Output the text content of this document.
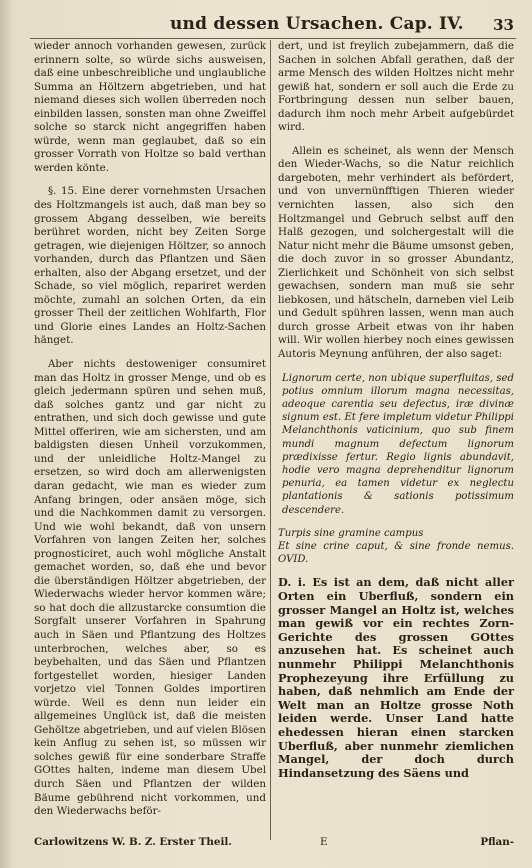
und dessen Ursachen. Cap. IV. 33

wieder annoch vorhanden gewesen, zurück erinnern solte, so würde sichs ausweisen, daß eine unbeschreibliche und unglaubliche Summa an Höltzern abgetrieben, und hat niemand dieses sich wollen überreden noch einbilden lassen, sonsten man ohne Zweiffel solche so starck nicht angegriffen haben würde, wenn man geglaubet, daß so ein grosser Vorrath von Holtze so bald verthan werden könte.

§. 15. Eine derer vornehmsten Ursachen des Holtzmangels ist auch, daß man bey so grossem Abgang desselben, wie bereits berühret worden, nicht bey Zeiten Sorge getragen, wie diejenigen Höltzer, so annoch vorhanden, durch das Pflantzen und Säen erhalten, also der Abgang ersetzet, und der Schade, so viel möglich, repariret werden möchte, zumahl an solchen Orten, da ein grosser Theil der zeitlichen Wohlfarth, Flor und Glorie eines Landes an Holtz-Sachen hänget.

Aber nichts destoweniger consumiret man das Holtz in grosser Menge, und ob es gleich jedermann spüren und sehen muß, daß solches gantz und gar nicht zu entrathen, und sich doch gewisse und gute Mittel offeriren, wie am sichersten, und am baldigsten diesen Unheil vorzukommen, und der unleidliche Holtz-Mangel zu ersetzen, so wird doch am allerwenigsten daran gedacht, wie man es wieder zum Anfang bringen, oder ansäen möge, sich und die Nachkommen damit zu versorgen. Und wie wohl bekandt, daß von unsern Vorfahren von langen Zeiten her, solches prognosticiret, auch wohl mögliche Anstalt gemachet worden, so, daß ehe und bevor die überständigen Höltzer abgetrieben, der Wiederwachs wieder hervor kommen wäre; so hat doch die allzustarcke consumtion die Sorgfalt unserer Vorfahren in Spahrung auch in Säen und Pflantzung des Holtzes unterbrochen, welches aber, so es beybehalten, und das Säen und Pflantzen fortgestellet worden, hiesiger Landen vorjetzo viel Tonnen Goldes importiren würde. Weil es denn nun leider ein allgemeines Unglück ist, daß die meisten Gehöltze abgetrieben, und auf vielen Blösen kein Anflug zu sehen ist, so müssen wir solches gewiß für eine sonderbare Straffe GOttes halten, indeme man diesem Ubel durch Säen und Pflantzen der wilden Bäume gebührend nicht vorkommen, und den Wiederwachs beför-

dert, und ist freylich zubejammern, daß die Sachen in solchen Abfall gerathen, daß der arme Mensch des wilden Holtzes nicht mehr gewiß hat, sondern er soll auch die Erde zu Fortbringung dessen nun selber bauen, dadurch ihm noch mehr Arbeit aufgebürdet wird.

Allein es scheinet, als wenn der Mensch den Wieder-Wachs, so die Natur reichlich dargeboten, mehr verhindert als befördert, und von unvernünfftigen Thieren wieder vernichten lassen, also sich den Holtzmangel und Gebruch selbst auff den Halß gezogen, und solchergestalt will die Natur nicht mehr die Bäume umsonst geben, die doch zuvor in so grosser Abundantz, Zierlichkeit und Schönheit von sich selbst gewachsen, sondern man muß sie sehr liebkosen, und hätscheln, darneben viel Leib und Gedult spühren lassen, wenn man auch durch grosse Arbeit etwas von ihr haben will. Wir wollen hierbey noch eines gewissen Autoris Meynung anführen, der also saget:

Lignorum certe, non ubique superfluitas, sed potius omnium illorum magna necessitas, adeoque carentia seu defectus, iræ divinæ signum est. Et fere impletum videtur Philippi Melanchthonis vaticinium, quo sub finem mundi magnum defectum lignorum prædixisse fertur. Regio lignis abundavit, hodie vero magna deprehenditur lignorum penuria, ea tamen videtur ex neglectu plantationis & sationis potissimum descendere.

Turpis sine gramine campus

Et sine crine caput, & sine fronde nemus. OVID.

D. i. Es ist an dem, daß nicht aller Orten ein Uberfluß, sondern ein grosser Mangel an Holtz ist, welches man gewiß vor ein rechtes Zorn-Gerichte des grossen GOttes anzusehen hat. Es scheinet auch nunmehr Philippi Melanchthonis Prophezeyung ihre Erfüllung zu haben, daß nehmlich am Ende der Welt man an Holtze grosse Noth leiden werde. Unser Land hatte ehedessen hieran einen starcken Uberfluß, aber nunmehr ziemlichen Mangel, der doch durch Hindansetzung des Säens und

Carlowitzens W. B. Z. Erster Theil.	E	Pflan-
